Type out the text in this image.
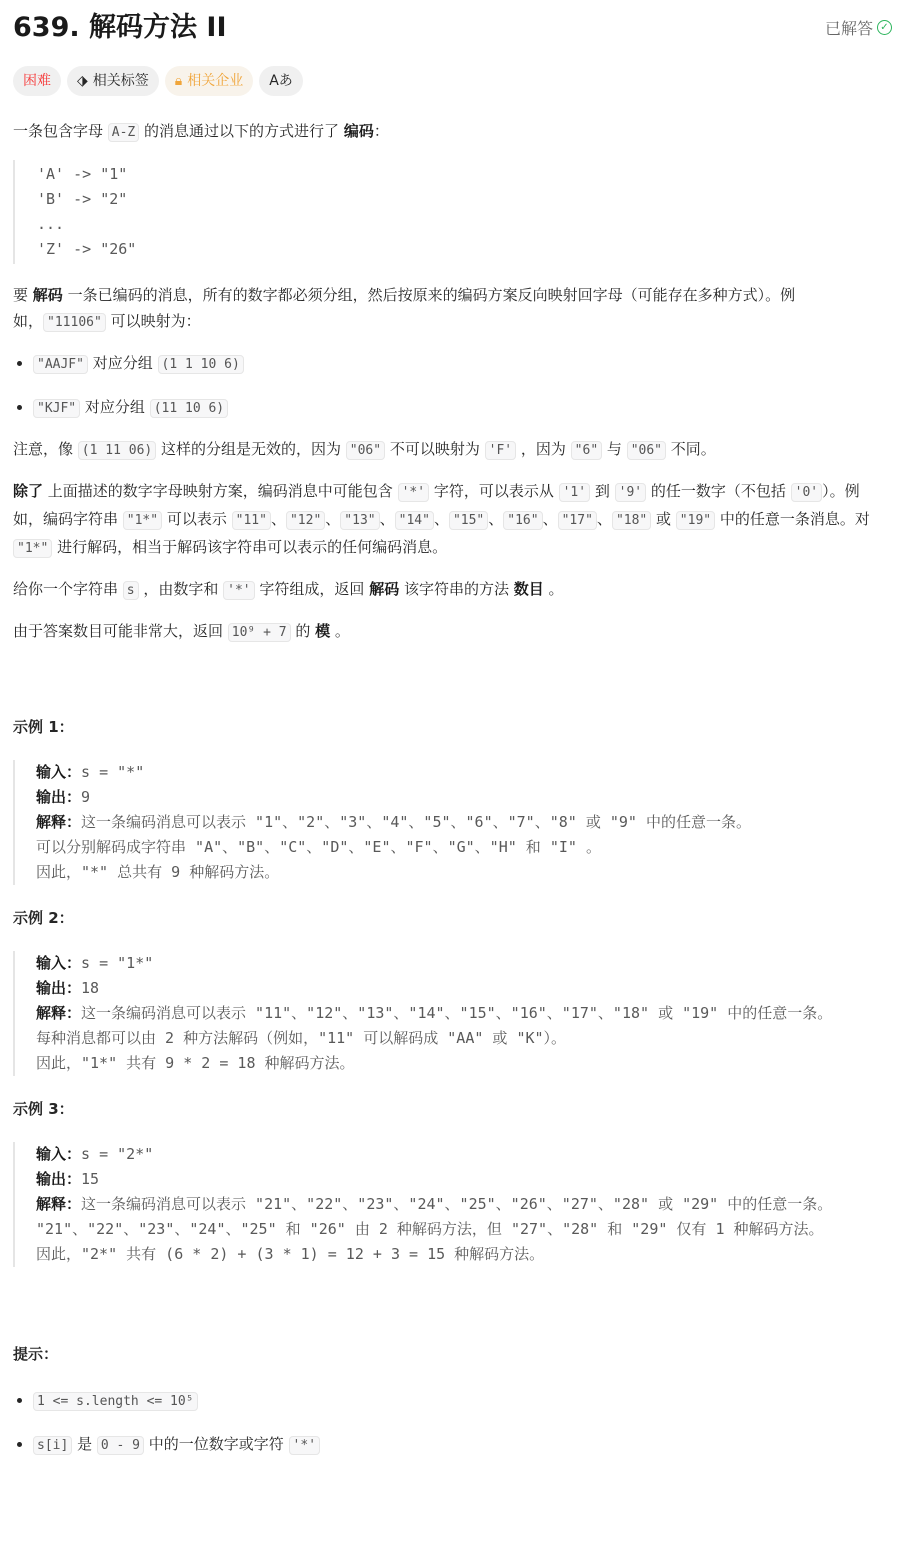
639. 解码方法 II	已解答 ✓
困难 ⬗ 相关标签 🔒︎ 相关企业 Aあ

一条包含字母 A-Z 的消息通过以下的方式进行了 编码：

'A' -> "1"
'B' -> "2"
...
'Z' -> "26"

要 解码 一条已编码的消息，所有的数字都必须分组，然后按原来的编码方案反向映射回字母（可能存在多种方式）。例如， "11106" 可以映射为：

• "AAJF" 对应分组 (1 1 10 6)
• "KJF" 对应分组 (11 10 6)

注意，像 (1 11 06) 这样的分组是无效的，因为 "06" 不可以映射为 'F' ，因为 "6" 与 "06" 不同。

除了 上面描述的数字字母映射方案，编码消息中可能包含 '*' 字符，可以表示从 '1' 到 '9' 的任一数字（不包括 '0' ）。例如，编码字符串 "1*" 可以表示 "11" 、 "12" 、 "13" 、 "14" 、 "15" 、 "16" 、 "17" 、 "18" 或 "19" 中的任意一条消息。对 "1*" 进行解码，相当于解码该字符串可以表示的任何编码消息。

给你一个字符串 s ，由数字和 '*' 字符组成，返回 解码 该字符串的方法 数目 。

由于答案数目可能非常大，返回 10⁹ + 7 的 模 。

示例 1：
输入：s = "*"
输出：9
解释：这一条编码消息可以表示 "1"、"2"、"3"、"4"、"5"、"6"、"7"、"8" 或 "9" 中的任意一条。
可以分别解码成字符串 "A"、"B"、"C"、"D"、"E"、"F"、"G"、"H" 和 "I" 。
因此，"*" 总共有 9 种解码方法。
示例 2：
输入：s = "1*"
输出：18
解释：这一条编码消息可以表示 "11"、"12"、"13"、"14"、"15"、"16"、"17"、"18" 或 "19" 中的任意一条。
每种消息都可以由 2 种方法解码（例如，"11" 可以解码成 "AA" 或 "K"）。
因此，"1*" 共有 9 * 2 = 18 种解码方法。
示例 3：
输入：s = "2*"
输出：15
解释：这一条编码消息可以表示 "21"、"22"、"23"、"24"、"25"、"26"、"27"、"28" 或 "29" 中的任意一条。
"21"、"22"、"23"、"24"、"25" 和 "26" 由 2 种解码方法，但 "27"、"28" 和 "29" 仅有 1 种解码方法。
因此，"2*" 共有 (6 * 2) + (3 * 1) = 12 + 3 = 15 种解码方法。
提示：
• 1 <= s.length <= 10⁵
• s[i] 是 0 - 9 中的一位数字或字符 '*'
